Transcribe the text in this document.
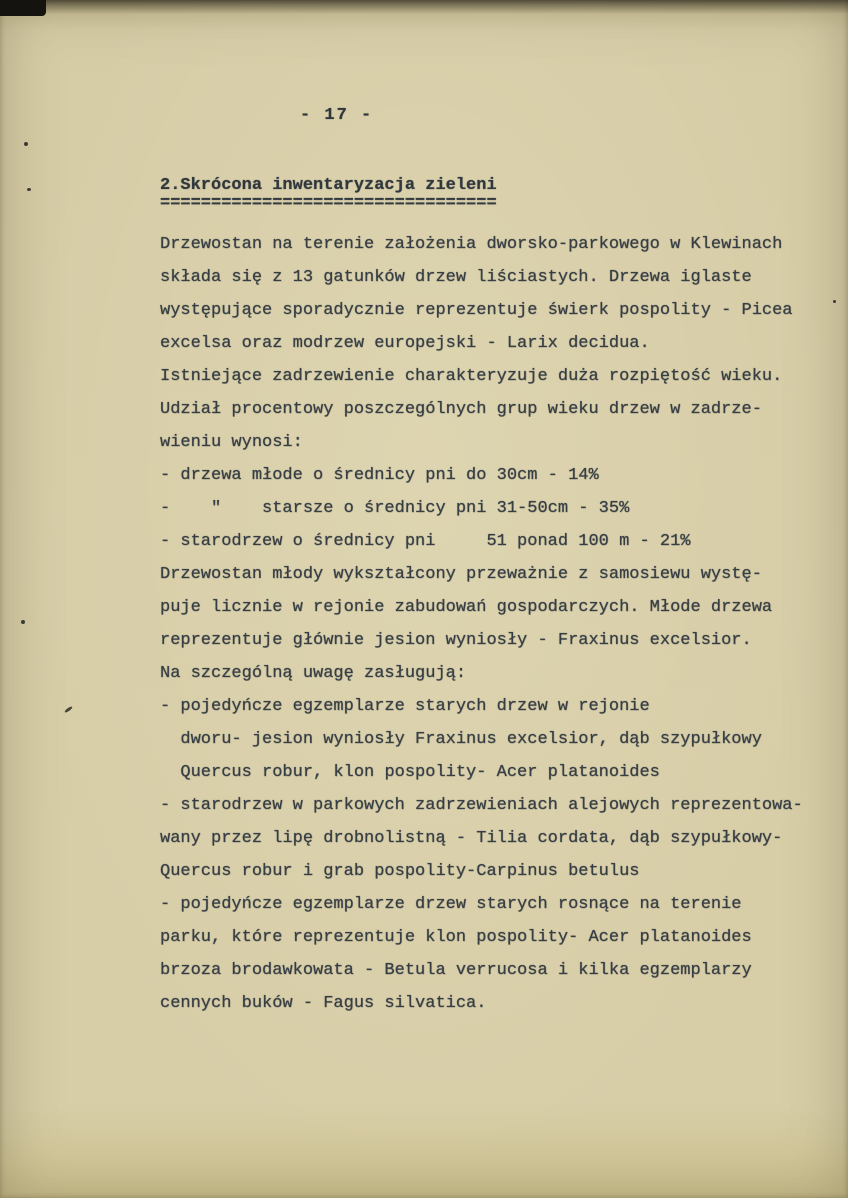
- 17 -
2.Skrócona inwentaryzacja zieleni
=================================
Drzewostan na terenie założenia dworsko-parkowego w Klewinach
składa się z 13 gatunków drzew liściastych. Drzewa iglaste
występujące sporadycznie reprezentuje świerk pospolity - Picea
excelsa oraz modrzew europejski - Larix decidua.
Istniejące zadrzewienie charakteryzuje duża rozpiętość wieku.
Udział procentowy poszczególnych grup wieku drzew w zadrze-
wieniu wynosi:
- drzewa młode o średnicy pni do 30cm - 14%
-    "    starsze o średnicy pni 31-50cm - 35%
- starodrzew o średnicy pni     51 ponad 100 m - 21%
Drzewostan młody wykształcony przeważnie z samosiewu wystę-
puje licznie w rejonie zabudowań gospodarczych. Młode drzewa
reprezentuje głównie jesion wyniosły - Fraxinus excelsior.
Na szczególną uwagę zasługują:
- pojedyńcze egzemplarze starych drzew w rejonie
dworu- jesion wyniosły Fraxinus excelsior, dąb szypułkowy
Quercus robur, klon pospolity- Acer platanoides
- starodrzew w parkowych zadrzewieniach alejowych reprezentowa-
wany przez lipę drobnolistną - Tilia cordata, dąb szypułkowy-
Quercus robur i grab pospolity-Carpinus betulus
- pojedyńcze egzemplarze drzew starych rosnące na terenie
parku, które reprezentuje klon pospolity- Acer platanoides
brzoza brodawkowata - Betula verrucosa i kilka egzemplarzy
cennych buków - Fagus silvatica.
